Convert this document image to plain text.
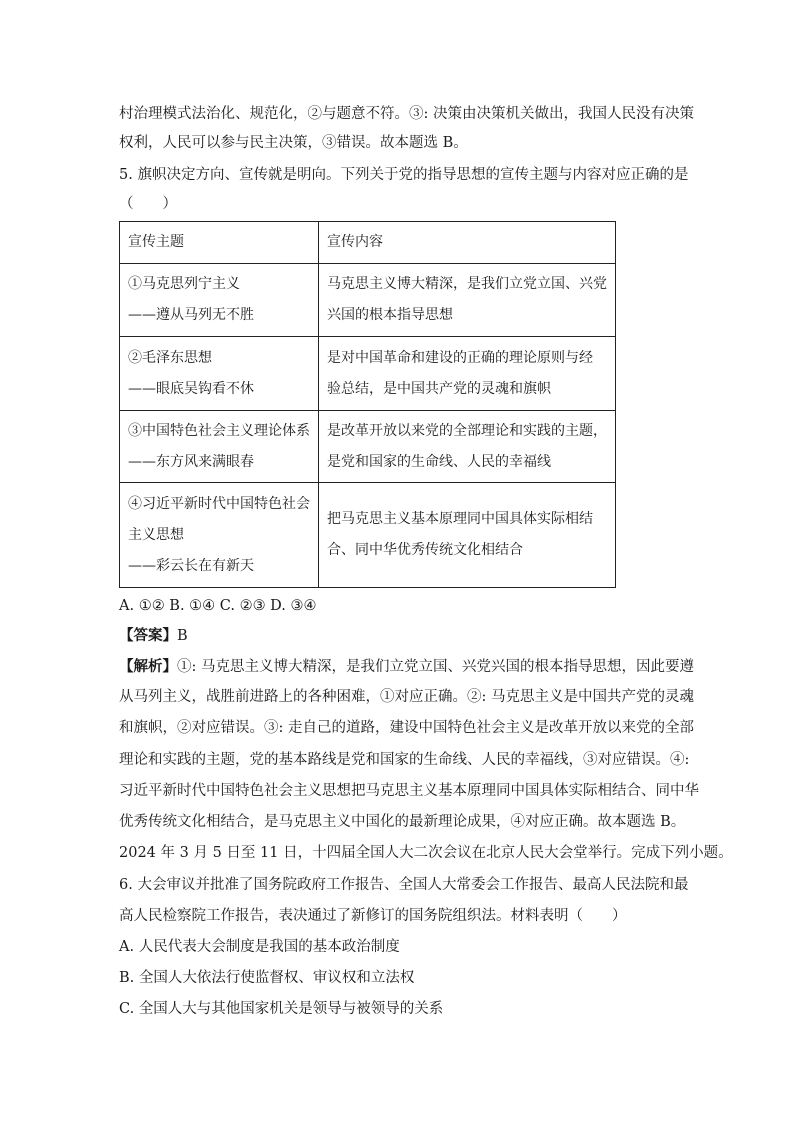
村治理模式法治化、规范化，②与题意不符。③: 决策由决策机关做出，我国人民没有决策
权利，人民可以参与民主决策，③错误。故本题选 B。
5. 旗帜决定方向、宣传就是明向。下列关于党的指导思想的宣传主题与内容对应正确的是
（　　）
宣传主题	宣传内容

①马克思列宁主义
——遵从马列无不胜	马克思主义博大精深，是我们立党立国、兴党
兴国的根本指导思想

②毛泽东思想
——眼底吴钩看不休	是对中国革命和建设的正确的理论原则与经
验总结，是中国共产党的灵魂和旗帜

③中国特色社会主义理论体系
——东方风来满眼春	是改革开放以来党的全部理论和实践的主题，
是党和国家的生命线、人民的幸福线

④习近平新时代中国特色社会
主义思想
——彩云长在有新天	把马克思主义基本原理同中国具体实际相结
合、同中华优秀传统文化相结合
A. ①② B. ①④ C. ②③ D. ③④
【答案】B
【解析】①: 马克思主义博大精深，是我们立党立国、兴党兴国的根本指导思想，因此要遵
从马列主义，战胜前进路上的各种困难，①对应正确。②: 马克思主义是中国共产党的灵魂
和旗帜，②对应错误。③: 走自己的道路，建设中国特色社会主义是改革开放以来党的全部
理论和实践的主题，党的基本路线是党和国家的生命线、人民的幸福线，③对应错误。④:
习近平新时代中国特色社会主义思想把马克思主义基本原理同中国具体实际相结合、同中华
优秀传统文化相结合，是马克思主义中国化的最新理论成果，④对应正确。故本题选 B。
2024 年 3 月 5 日至 11 日，十四届全国人大二次会议在北京人民大会堂举行。完成下列小题。
6. 大会审议并批准了国务院政府工作报告、全国人大常委会工作报告、最高人民法院和最
高人民检察院工作报告，表决通过了新修订的国务院组织法。材料表明（　　）
A. 人民代表大会制度是我国的基本政治制度
B. 全国人大依法行使监督权、审议权和立法权
C. 全国人大与其他国家机关是领导与被领导的关系
